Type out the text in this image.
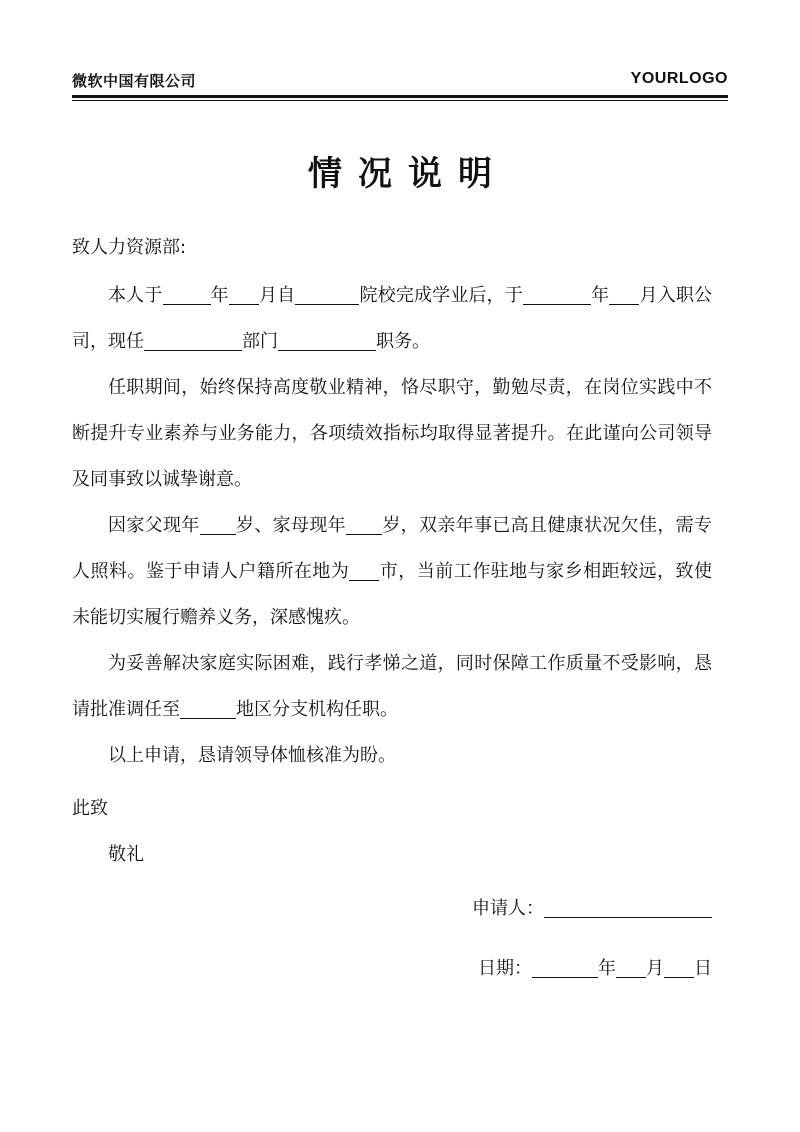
微软中国有限公司	YOURLOGO
情况说明
致人力资源部:

本人于	年 月自	院校完成学业后，于	年 月入职公司，现任	部门	职务。

任职期间，始终保持高度敬业精神，恪尽职守，勤勉尽责，在岗位实践中不断提升专业素养与业务能力，各项绩效指标均取得显著提升。在此谨向公司领导及同事致以诚挚谢意。

因家父现年 岁、家母现年 岁，双亲年事已高且健康状况欠佳，需专人照料。鉴于申请人户籍所在地为 市，当前工作驻地与家乡相距较远，致使未能切实履行赡养义务，深感愧疚。

为妥善解决家庭实际困难，践行孝悌之道，同时保障工作质量不受影响，恳请批准调任至	地区分支机构任职。

以上申请，恳请领导体恤核准为盼。

此致
敬礼
申请人：
日期：	年 月 日
